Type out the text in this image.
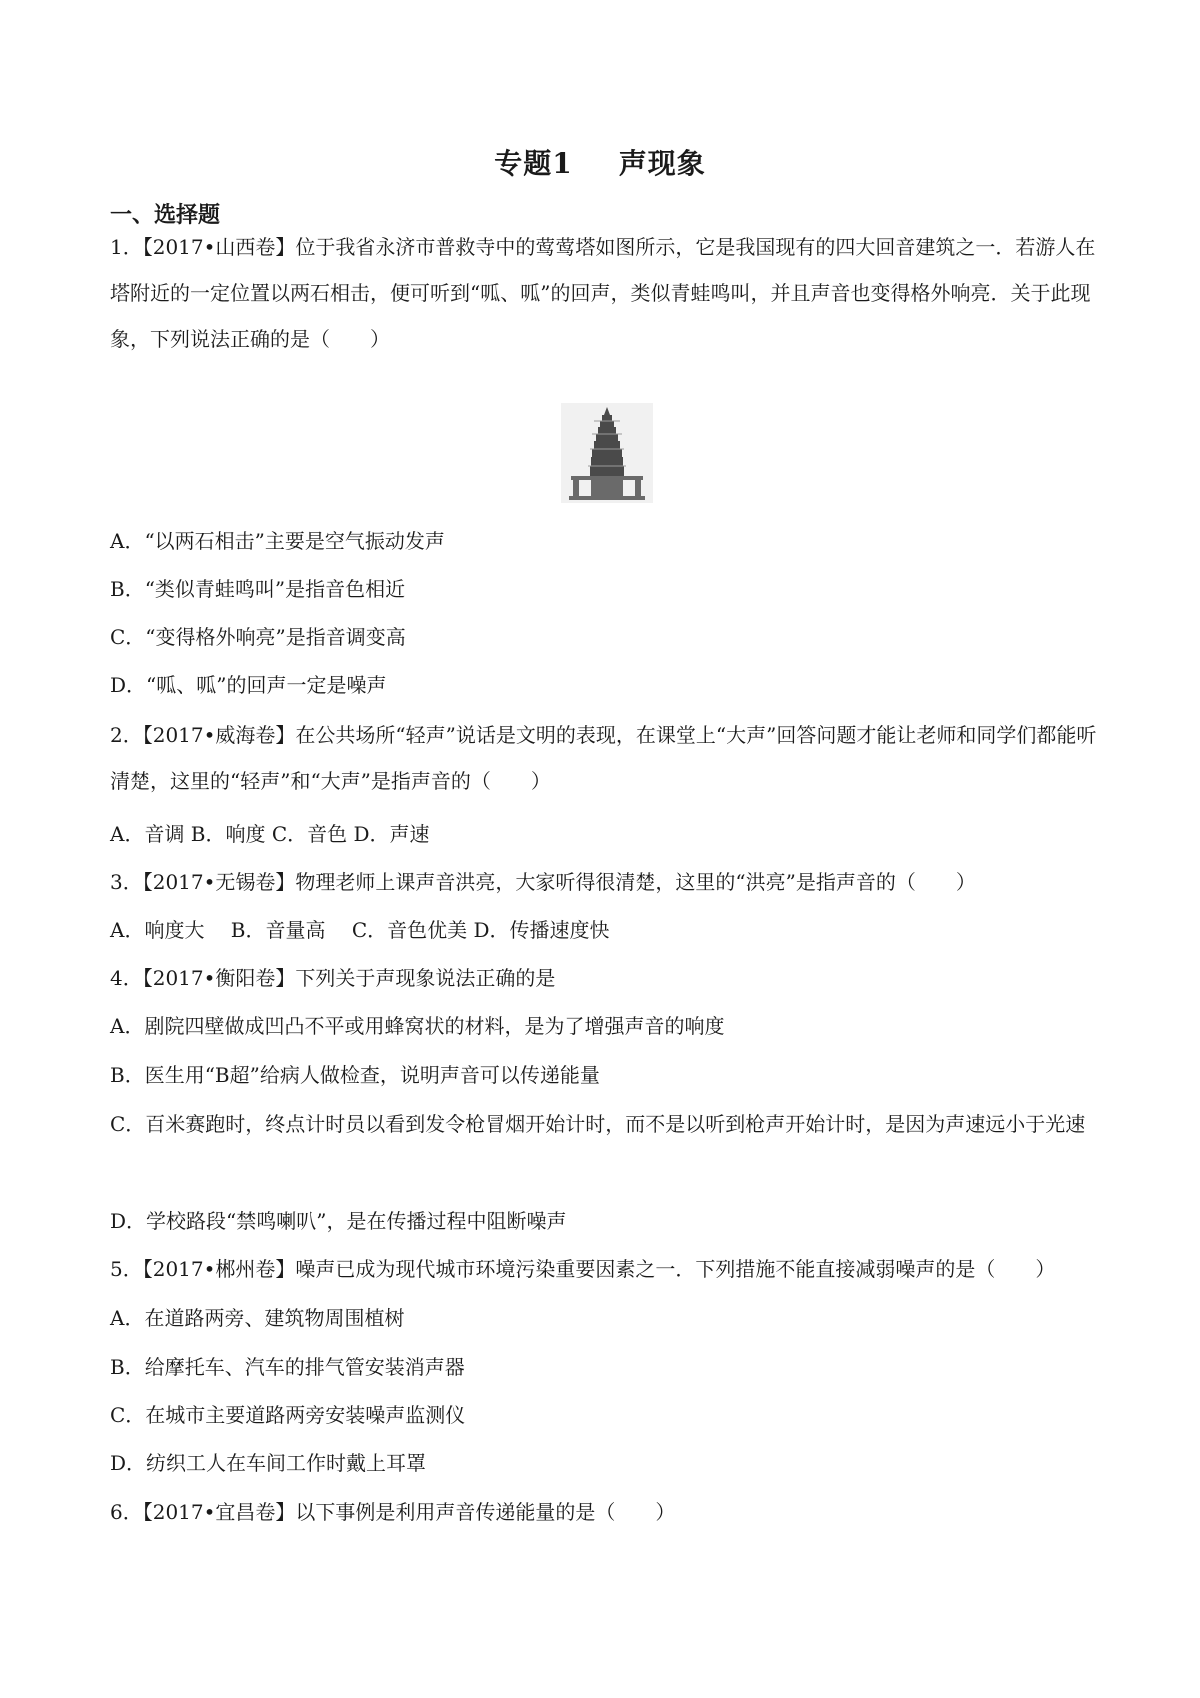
专题1 声现象
一、选择题
1．【2017•山西卷】位于我省永济市普救寺中的莺莺塔如图所示，它是我国现有的四大回音建筑之一．若游人在塔附近的一定位置以两石相击，便可听到“呱、呱”的回声，类似青蛙鸣叫，并且声音也变得格外响亮．关于此现象，下列说法正确的是（　　）
A．“以两石相击”主要是空气振动发声
B．“类似青蛙鸣叫”是指音色相近
C．“变得格外响亮”是指音调变高
D．“呱、呱”的回声一定是噪声
2．【2017•威海卷】在公共场所“轻声”说话是文明的表现，在课堂上“大声”回答问题才能让老师和同学们都能听清楚，这里的“轻声”和“大声”是指声音的（　　）
A．音调 B．响度 C．音色 D．声速
3．【2017•无锡卷】物理老师上课声音洪亮，大家听得很清楚，这里的“洪亮”是指声音的（　　）
A．响度大　 B．音量高　 C．音色优美 D．传播速度快
4．【2017•衡阳卷】下列关于声现象说法正确的是
A．剧院四壁做成凹凸不平或用蜂窝状的材料，是为了增强声音的响度
B．医生用“B超”给病人做检查，说明声音可以传递能量
C．百米赛跑时，终点计时员以看到发令枪冒烟开始计时，而不是以听到枪声开始计时，是因为声速远小于光速
D．学校路段“禁鸣喇叭”，是在传播过程中阻断噪声
5．【2017•郴州卷】噪声已成为现代城市环境污染重要因素之一．下列措施不能直接减弱噪声的是（　　）
A．在道路两旁、建筑物周围植树
B．给摩托车、汽车的排气管安装消声器
C．在城市主要道路两旁安装噪声监测仪
D．纺织工人在车间工作时戴上耳罩
6．【2017•宜昌卷】以下事例是利用声音传递能量的是（　　）
